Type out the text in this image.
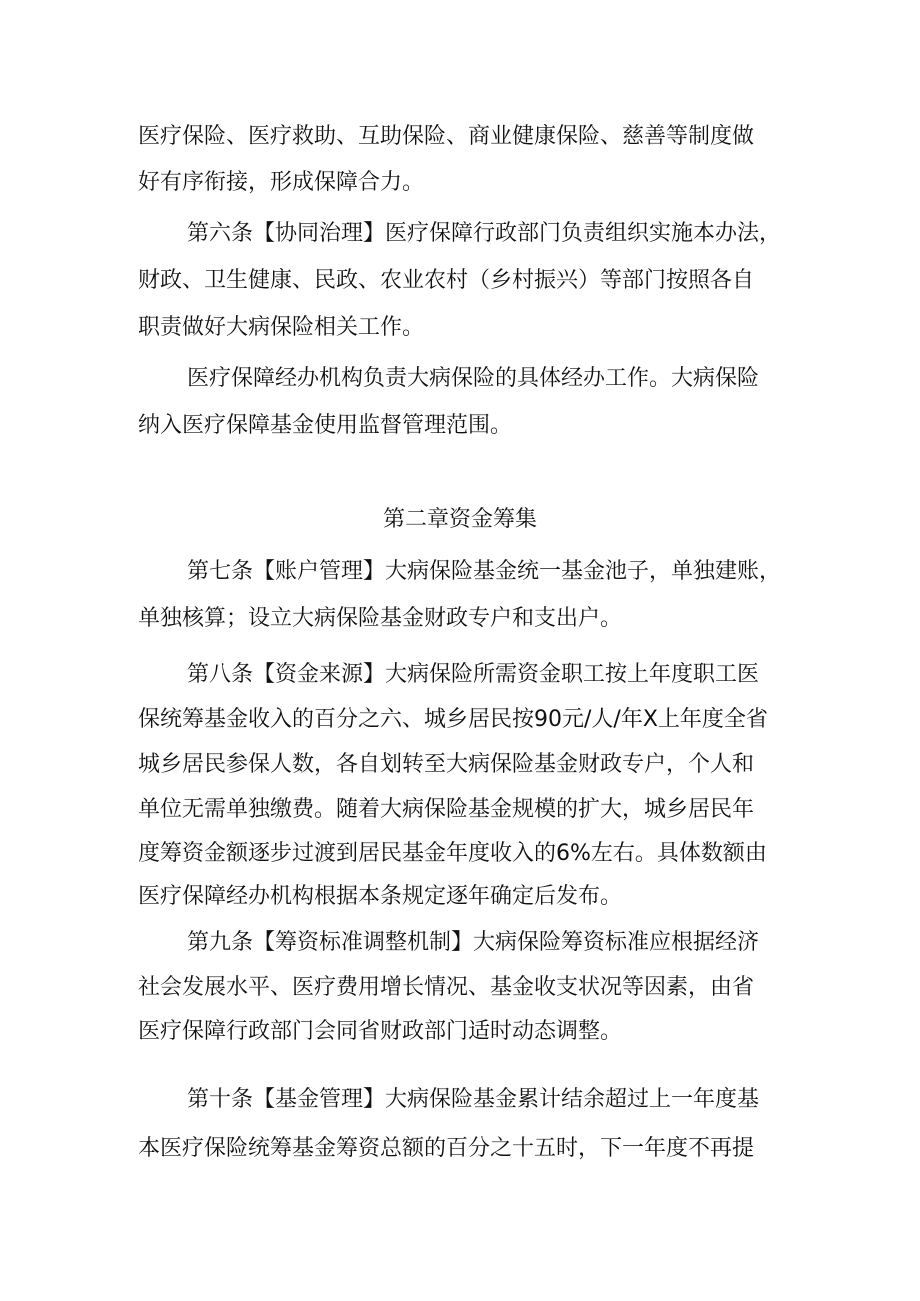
医疗保险、医疗救助、互助保险、商业健康保险、慈善等制度做
好有序衔接，形成保障合力。
第六条【协同治理】医疗保障行政部门负责组织实施本办法，
财政、卫生健康、民政、农业农村（乡村振兴）等部门按照各自
职责做好大病保险相关工作。
医疗保障经办机构负责大病保险的具体经办工作。大病保险
纳入医疗保障基金使用监督管理范围。
第二章资金筹集
第七条【账户管理】大病保险基金统一基金池子，单独建账，
单独核算；设立大病保险基金财政专户和支出户。
第八条【资金来源】大病保险所需资金职工按上年度职工医
保统筹基金收入的百分之六、城乡居民按90元/人/年X上年度全省
城乡居民参保人数，各自划转至大病保险基金财政专户，个人和
单位无需单独缴费。随着大病保险基金规模的扩大，城乡居民年
度筹资金额逐步过渡到居民基金年度收入的6%左右。具体数额由
医疗保障经办机构根据本条规定逐年确定后发布。
第九条【筹资标准调整机制】大病保险筹资标准应根据经济
社会发展水平、医疗费用增长情况、基金收支状况等因素，由省
医疗保障行政部门会同省财政部门适时动态调整。
第十条【基金管理】大病保险基金累计结余超过上一年度基
本医疗保险统筹基金筹资总额的百分之十五时，下一年度不再提
